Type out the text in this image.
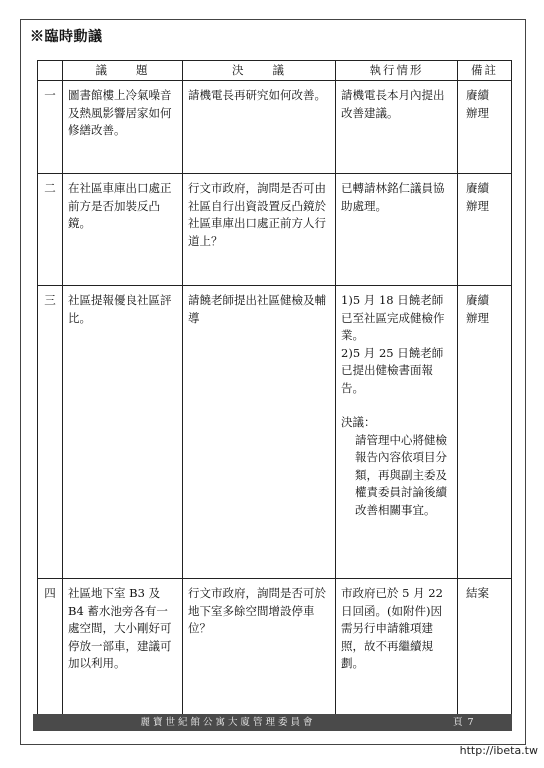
※臨時動議
	議　　題	決　　議	執行情形	備註

一	圖書館樓上冷氣噪音及熱風影響居家如何修繕改善。	請機電長再研究如何改善。	請機電長本月內提出改善建議。	賡續辦理

二	在社區車庫出口處正前方是否加裝反凸鏡。	行文市政府，詢問是否可由社區自行出資設置反凸鏡於社區車庫出口處正前方人行道上？	已轉請林銘仁議員協助處理。	賡續辦理

三	社區提報優良社區評比。	請饒老師提出社區健檢及輔導	1)5 月 18 日饒老師已至社區完成健檢作業。
2)5 月 25 日饒老師已提出健檢書面報告。
決議：
請管理中心將健檢報告內容依項目分類，再與副主委及權責委員討論後續改善相關事宜。	賡續辦理

四	社區地下室 B3 及 B4 蓄水池旁各有一處空間，大小剛好可停放一部車，建議可加以利用。	行文市政府，詢問是否可於地下室多餘空間增設停車位？	市政府已於 5 月 22 日回函。(如附件)因需另行申請雜項建照，故不再繼續規劃。	結案
麗寶世紀館公寓大廈管理委員會	頁 7
http://ibeta.tw
